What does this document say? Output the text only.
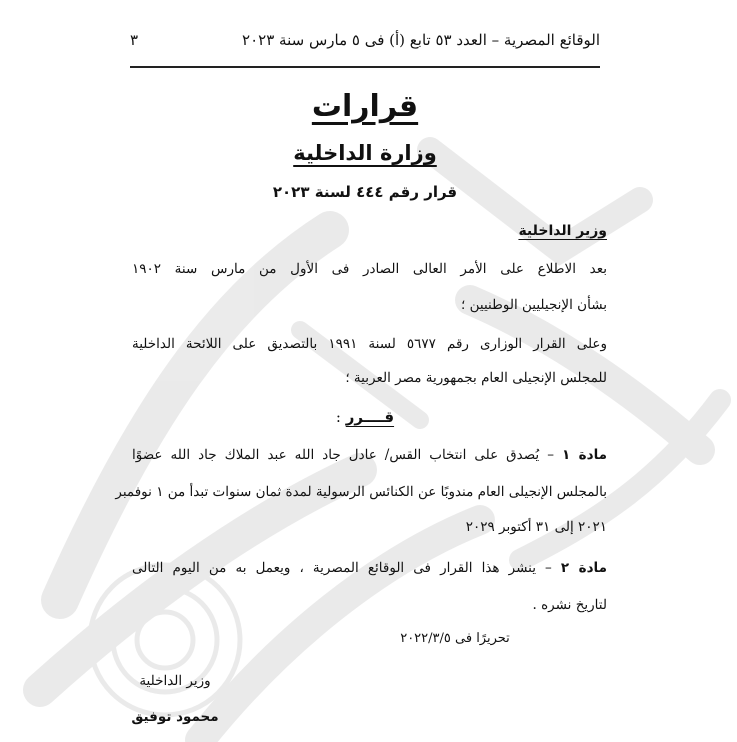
الوقائع المصرية – العدد ٥٣ تابع (أ) فى ٥ مارس سنة ٢٠٢٣
٣
قرارات
وزارة الداخلية
قرار رقم ٤٤٤ لسنة ٢٠٢٣
وزير الداخلية
بعد الاطلاع على الأمر العالى الصادر فى الأول من مارس سنة ١٩٠٢
بشأن الإنجيليين الوطنيين ؛
وعلى القرار الوزارى رقم ٥٦٧٧ لسنة ١٩٩١ بالتصديق على اللائحة الداخلية
للمجلس الإنجيلى العام بجمهورية مصر العربية ؛
قــــرر :
مادة ١ – يُصدق على انتخاب القس/ عادل جاد الله عبد الملاك جاد الله عضوًا
بالمجلس الإنجيلى العام مندوبًا عن الكنائس الرسولية لمدة ثمان سنوات تبدأ من ١ نوفمبر
٢٠٢١ إلى ٣١ أكتوبر ٢٠٢٩
مادة ٢ – ينشر هذا القرار فى الوقائع المصرية ، ويعمل به من اليوم التالى
لتاريخ نشره .
تحريرًا فى ٢٠٢٢/٣/٥
وزير الداخلية
محمود توفيق
